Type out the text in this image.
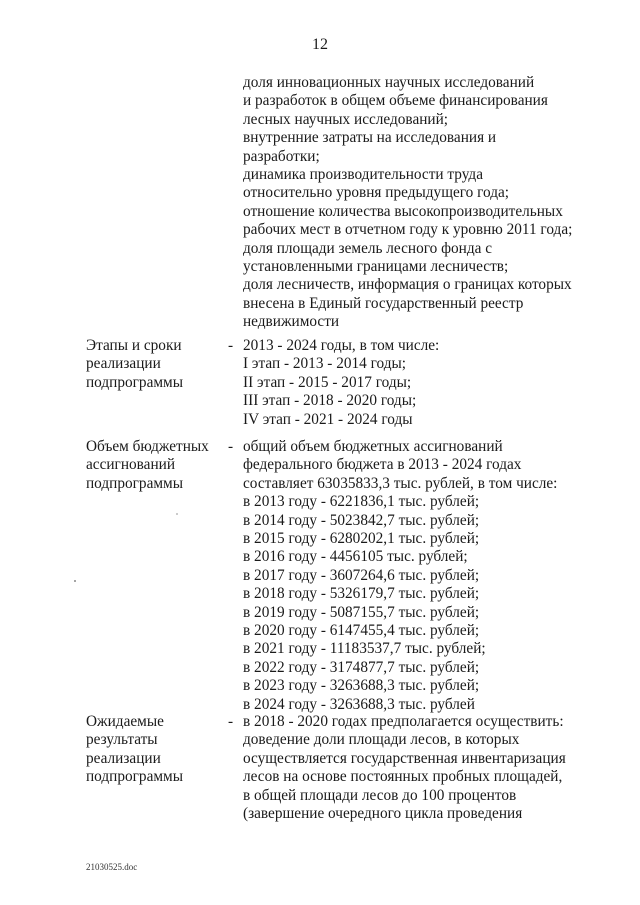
12
доля инновационных научных исследований
и разработок в общем объеме финансирования
лесных научных исследований;
внутренние затраты на исследования и
разработки;
динамика производительности труда
относительно уровня предыдущего года;
отношение количества высокопроизводительных
рабочих мест в отчетном году к уровню 2011 года;
доля площади земель лесного фонда с
установленными границами лесничеств;
доля лесничеств, информация о границах которых
внесена в Единый государственный реестр
недвижимости
Этапы и сроки
реализации
подпрограммы
- 2013 - 2024 годы, в том числе:
I этап - 2013 - 2014 годы;
II этап - 2015 - 2017 годы;
III этап - 2018 - 2020 годы;
IV этап - 2021 - 2024 годы
Объем бюджетных
ассигнований
подпрограммы
- общий объем бюджетных ассигнований
федерального бюджета в 2013 - 2024 годах
составляет 63035833,3 тыс. рублей, в том числе:
в 2013 году - 6221836,1 тыс. рублей;
в 2014 году - 5023842,7 тыс. рублей;
в 2015 году - 6280202,1 тыс. рублей;
в 2016 году - 4456105 тыс. рублей;
в 2017 году - 3607264,6 тыс. рублей;
в 2018 году - 5326179,7 тыс. рублей;
в 2019 году - 5087155,7 тыс. рублей;
в 2020 году - 6147455,4 тыс. рублей;
в 2021 году - 11183537,7 тыс. рублей;
в 2022 году - 3174877,7 тыс. рублей;
в 2023 году - 3263688,3 тыс. рублей;
в 2024 году - 3263688,3 тыс. рублей
Ожидаемые
результаты
реализации
подпрограммы
- в 2018 - 2020 годах предполагается осуществить:
доведение доли площади лесов, в которых
осуществляется государственная инвентаризация
лесов на основе постоянных пробных площадей,
в общей площади лесов до 100 процентов
(завершение очередного цикла проведения
21030525.doc
